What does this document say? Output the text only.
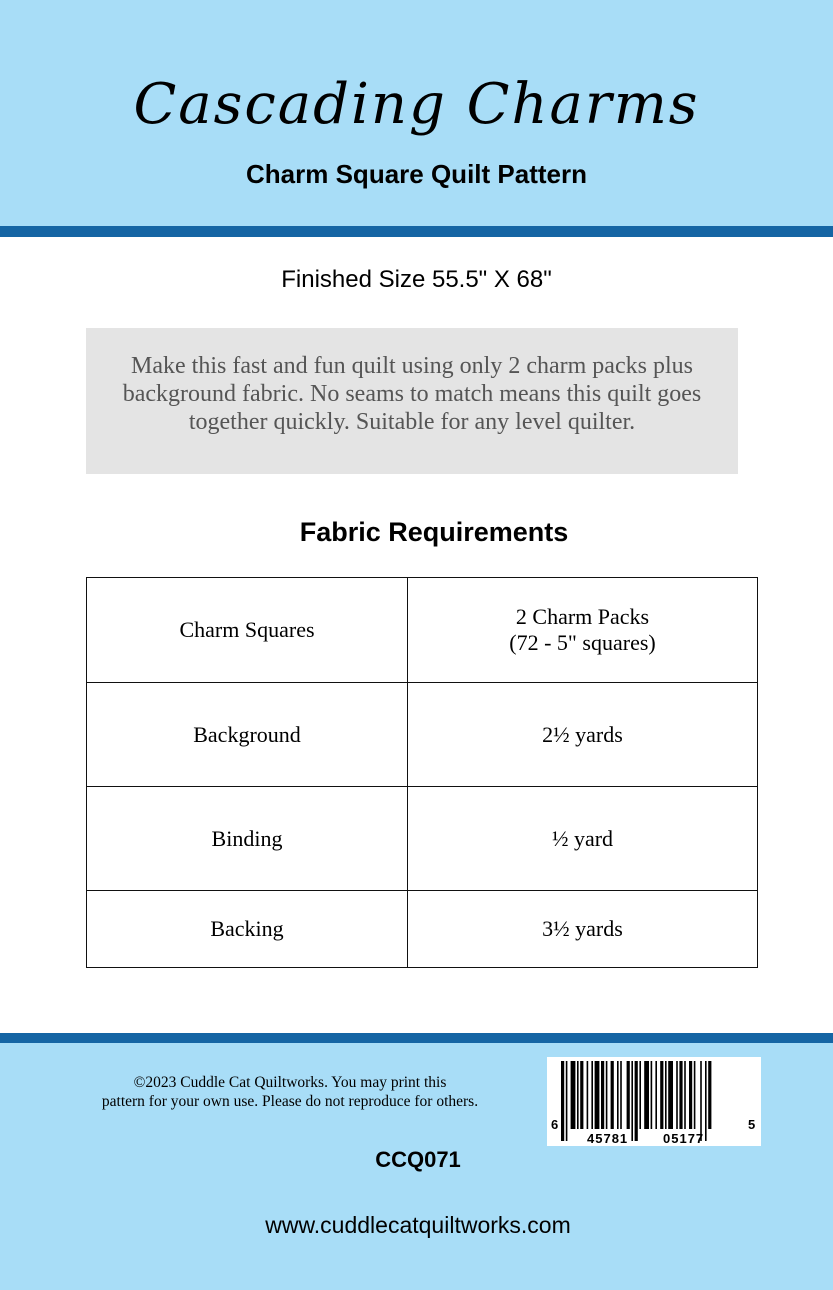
Cascading Charms
Charm Square Quilt Pattern
Finished Size 55.5" X 68"
Make this fast and fun quilt using only 2 charm packs plus
background fabric. No seams to match means this quilt goes
together quickly. Suitable for any level quilter.
Fabric Requirements
Charm Squares	2 Charm Packs
(72 - 5" squares)

Background	2½ yards
Binding	½ yard
Backing	3½ yards
©2023 Cuddle Cat Quiltworks. You may print this
pattern for your own use. Please do not reproduce for others.
6
45781	05177
5
CCQ071
www.cuddlecatquiltworks.com
